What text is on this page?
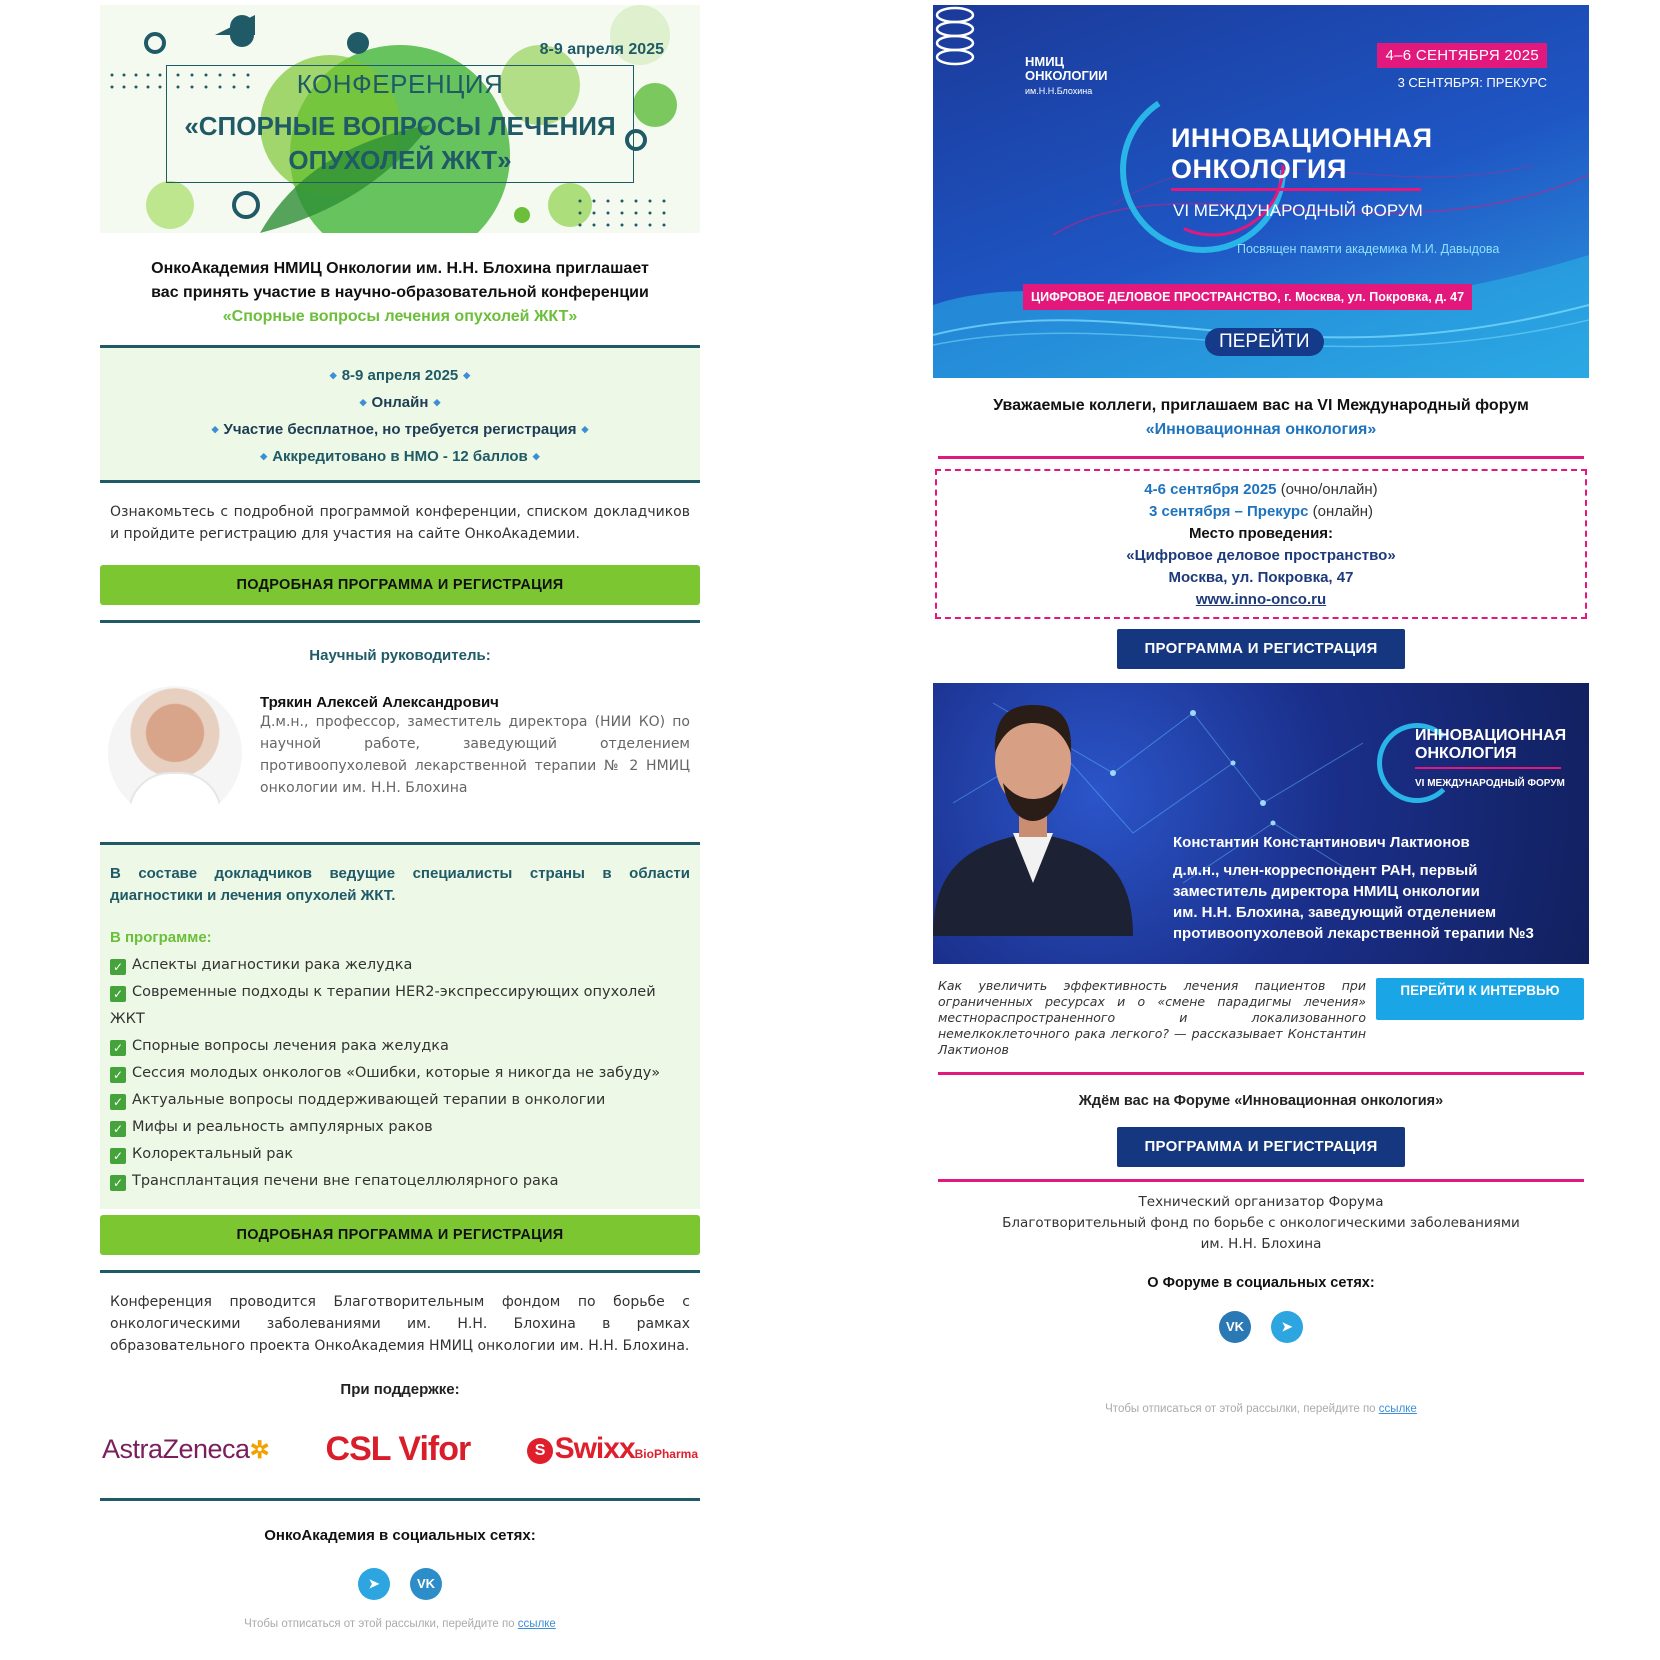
8-9 апреля 2025
КОНФЕРЕНЦИЯ
«СПОРНЫЕ ВОПРОСЫ ЛЕЧЕНИЯ
ОПУХОЛЕЙ ЖКТ»
ОнкоАкадемия НМИЦ Онкологии им. Н.Н. Блохина приглашает
вас принять участие в научно-образовательной конференции
«Спорные вопросы лечения опухолей ЖКТ»
◆ 8-9 апреля 2025 ◆
◆ Онлайн ◆
◆ Участие бесплатное, но требуется регистрация ◆
◆ Аккредитовано в НМО - 12 баллов ◆
Ознакомьтесь с подробной программой конференции, списком докладчиков и пройдите регистрацию для участия на сайте ОнкоАкадемии.
ПОДРОБНАЯ ПРОГРАММА И РЕГИСТРАЦИЯ
Научный руководитель:
Трякин Алексей Александрович
Д.м.н., профессор, заместитель директора (НИИ КО) по научной работе, заведующий отделением противоопухолевой лекарственной терапии № 2 НМИЦ онкологии им. Н.Н. Блохина
В составе докладчиков ведущие специалисты страны в области диагностики и лечения опухолей ЖКТ.
В программе:
✓ Аспекты диагностики рака желудка
✓ Современные подходы к терапии HER2-экспрессирующих опухолей ЖКТ
✓ Спорные вопросы лечения рака желудка
✓ Сессия молодых онкологов «Ошибки, которые я никогда не забуду»
✓ Актуальные вопросы поддерживающей терапии в онкологии
✓ Мифы и реальность ампулярных раков
✓ Колоректальный рак
✓ Трансплантация печени вне гепатоцеллюлярного рака
ПОДРОБНАЯ ПРОГРАММА И РЕГИСТРАЦИЯ
Конференция проводится Благотворительным фондом по борьбе с онкологическими заболеваниями им. Н.Н. Блохина в рамках образовательного проекта ОнкоАкадемия НМИЦ онкологии им. Н.Н. Блохина.
При поддержке:
AstraZeneca✲ CSL Vifor	S SwixxBioPharma
ОнкоАкадемия в социальных сетях:
➤	VK
Чтобы отписаться от этой рассылки, перейдите по ссылке
НМИЦ
ОНКОЛОГИИ
им.Н.Н.Блохина
4–6 СЕНТЯБРЯ 2025
3 СЕНТЯБРЯ: ПРЕКУРС
ИННОВАЦИОННАЯ
ОНКОЛОГИЯ
VI МЕЖДУНАРОДНЫЙ ФОРУМ
Посвящен памяти академика М.И. Давыдова
ЦИФРОВОЕ ДЕЛОВОЕ ПРОСТРАНСТВО, г. Москва, ул. Покровка, д. 47
ПЕРЕЙТИ
Уважаемые коллеги, приглашаем вас на VI Международный форум
«Инновационная онкология»
4-6 сентября 2025 (очно/онлайн)
3 сентября – Прекурс (онлайн)
Место проведения:
«Цифровое деловое пространство»
Москва, ул. Покровка, 47
www.inno-onco.ru
ПРОГРАММА И РЕГИСТРАЦИЯ
ИННОВАЦИОННАЯ
ОНКОЛОГИЯ
VI МЕЖДУНАРОДНЫЙ ФОРУМ
Константин Константинович Лактионов
д.м.н., член-корреспондент РАН, первый
заместитель директора НМИЦ онкологии
им. Н.Н. Блохина, заведующий отделением
противоопухолевой лекарственной терапии №3
Как увеличить эффективность лечения пациентов при ограниченных ресурсах и о «смене парадигмы лечения» местнораспространенного и локализованного немелкоклеточного рака легкого? — рассказывает Константин Лактионов
ПЕРЕЙТИ К ИНТЕРВЬЮ
Ждём вас на Форуме «Инновационная онкология»
ПРОГРАММА И РЕГИСТРАЦИЯ
Технический организатор Форума
Благотворительный фонд по борьбе с онкологическими заболеваниями
им. Н.Н. Блохина
О Форуме в социальных сетях:
VK	➤
Чтобы отписаться от этой рассылки, перейдите по ссылке
